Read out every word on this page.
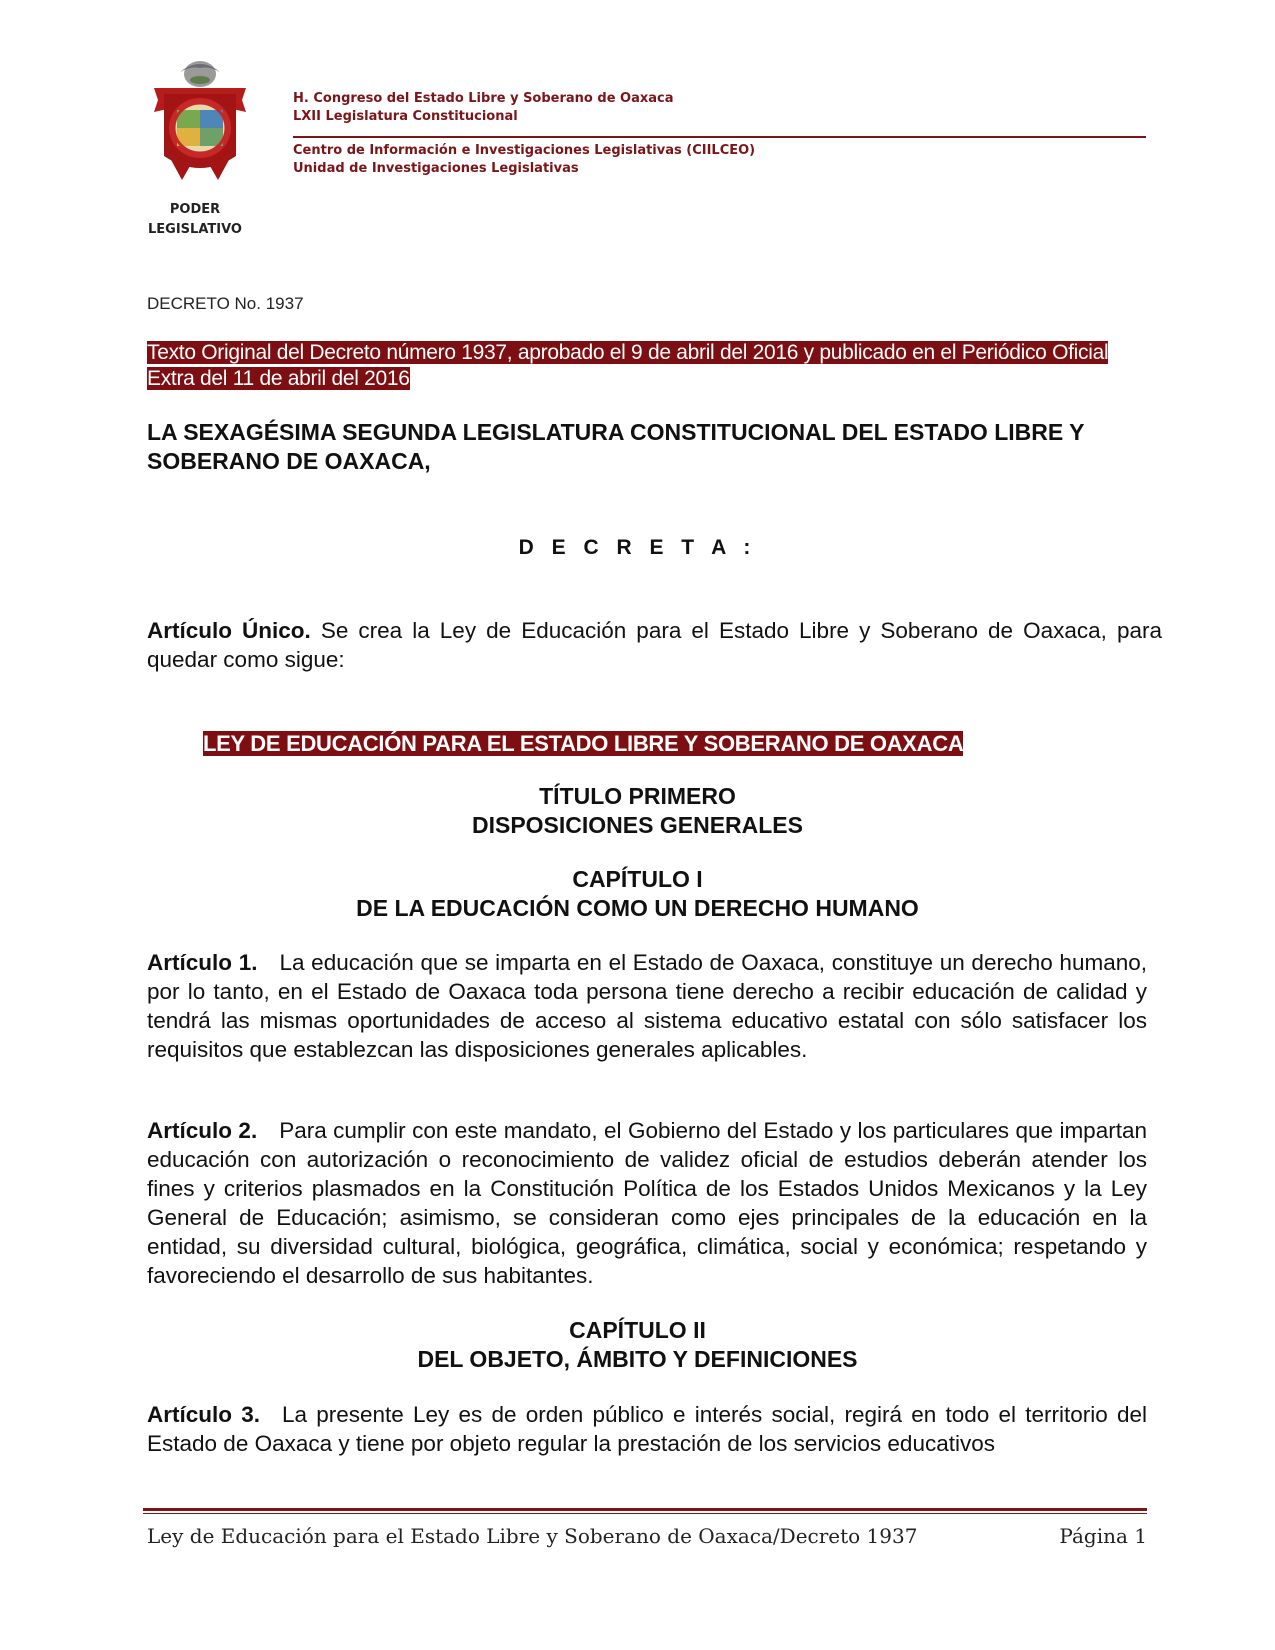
PODER
LEGISLATIVO
H. Congreso del Estado Libre y Soberano de Oaxaca
LXII Legislatura Constitucional
Centro de Información e Investigaciones Legislativas (CIILCEO)
Unidad de Investigaciones Legislativas
DECRETO No. 1937
Texto Original del Decreto número 1937, aprobado el 9 de abril del 2016 y publicado en el Periódico Oficial Extra del 11 de abril del 2016
LA SEXAGÉSIMA SEGUNDA LEGISLATURA CONSTITUCIONAL DEL ESTADO LIBRE Y SOBERANO DE OAXACA,
D E C R E T A :
Artículo Único. Se crea la Ley de Educación para el Estado Libre y Soberano de Oaxaca, para quedar como sigue:
LEY DE EDUCACIÓN PARA EL ESTADO LIBRE Y SOBERANO DE OAXACA
TÍTULO PRIMERO
DISPOSICIONES GENERALES
CAPÍTULO I
DE LA EDUCACIÓN COMO UN DERECHO HUMANO
Artículo 1. La educación que se imparta en el Estado de Oaxaca, constituye un derecho humano, por lo tanto, en el Estado de Oaxaca toda persona tiene derecho a recibir educación de calidad y tendrá las mismas oportunidades de acceso al sistema educativo estatal con sólo satisfacer los requisitos que establezcan las disposiciones generales aplicables.
Artículo 2. Para cumplir con este mandato, el Gobierno del Estado y los particulares que impartan educación con autorización o reconocimiento de validez oficial de estudios deberán atender los fines y criterios plasmados en la Constitución Política de los Estados Unidos Mexicanos y la Ley General de Educación; asimismo, se consideran como ejes principales de la educación en la entidad, su diversidad cultural, biológica, geográfica, climática, social y económica; respetando y favoreciendo el desarrollo de sus habitantes.
CAPÍTULO II
DEL OBJETO, ÁMBITO Y DEFINICIONES
Artículo 3. La presente Ley es de orden público e interés social, regirá en todo el territorio del Estado de Oaxaca y tiene por objeto regular la prestación de los servicios educativos
Ley de Educación para el Estado Libre y Soberano de Oaxaca/Decreto 1937	Página 1
